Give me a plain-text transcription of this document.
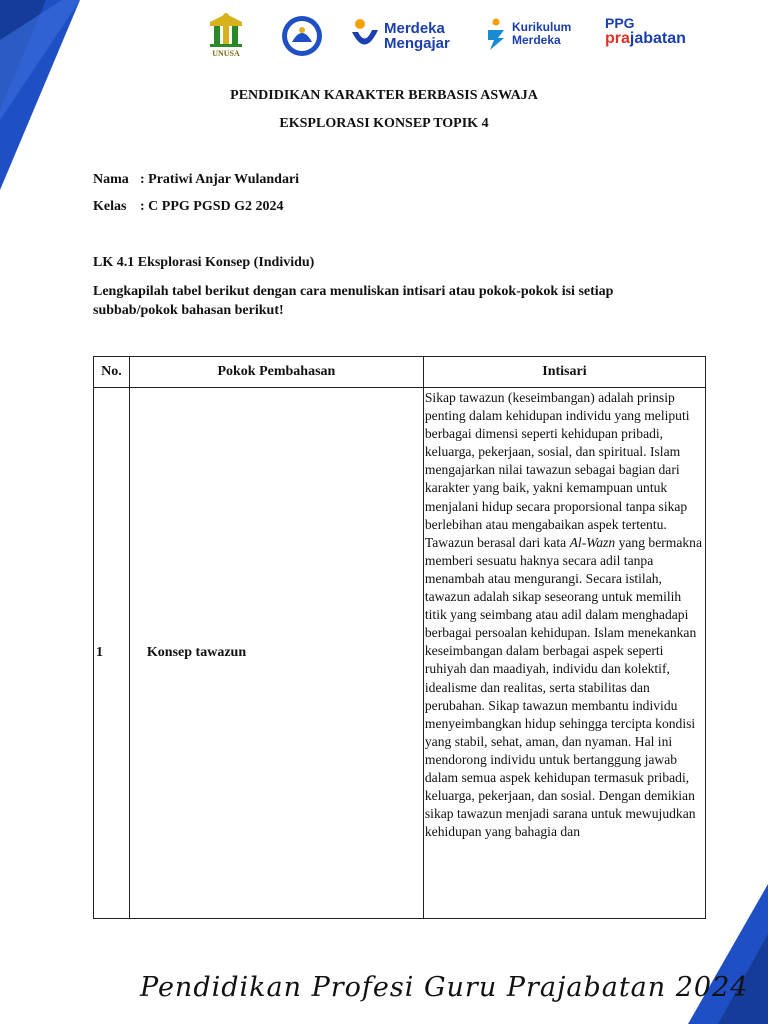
UNUSA
Merdeka
Mengajar
Kurikulum
Merdeka
PPG
prajabatan
PENDIDIKAN KARAKTER BERBASIS ASWAJA
EKSPLORASI KONSEP TOPIK 4
Nama : Pratiwi Anjar Wulandari
Kelas : C PPG PGSD G2 2024
LK 4.1 Eksplorasi Konsep (Individu)
Lengkapilah tabel berikut dengan cara menuliskan intisari atau pokok-pokok isi setiap subbab/pokok bahasan berikut!
No.	Pokok Pembahasan	Intisari
1	Konsep tawazun	Sikap tawazun (keseimbangan) adalah prinsip penting dalam kehidupan individu yang meliputi berbagai dimensi seperti kehidupan pribadi, keluarga, pekerjaan, sosial, dan spiritual. Islam mengajarkan nilai tawazun sebagai bagian dari karakter yang baik, yakni kemampuan untuk menjalani hidup secara proporsional tanpa sikap berlebihan atau mengabaikan aspek tertentu. Tawazun berasal dari kata Al-Wazn yang bermakna memberi sesuatu haknya secara adil tanpa menambah atau mengurangi. Secara istilah, tawazun adalah sikap seseorang untuk memilih titik yang seimbang atau adil dalam menghadapi berbagai persoalan kehidupan. Islam menekankan keseimbangan dalam berbagai aspek seperti ruhiyah dan maadiyah, individu dan kolektif, idealisme dan realitas, serta stabilitas dan perubahan. Sikap tawazun membantu individu menyeimbangkan hidup sehingga tercipta kondisi yang stabil, sehat, aman, dan nyaman. Hal ini mendorong individu untuk bertanggung jawab dalam semua aspek kehidupan termasuk pribadi, keluarga, pekerjaan, dan sosial. Dengan demikian sikap tawazun menjadi sarana untuk mewujudkan kehidupan yang bahagia dan
Pendidikan Profesi Guru Prajabatan 2024
